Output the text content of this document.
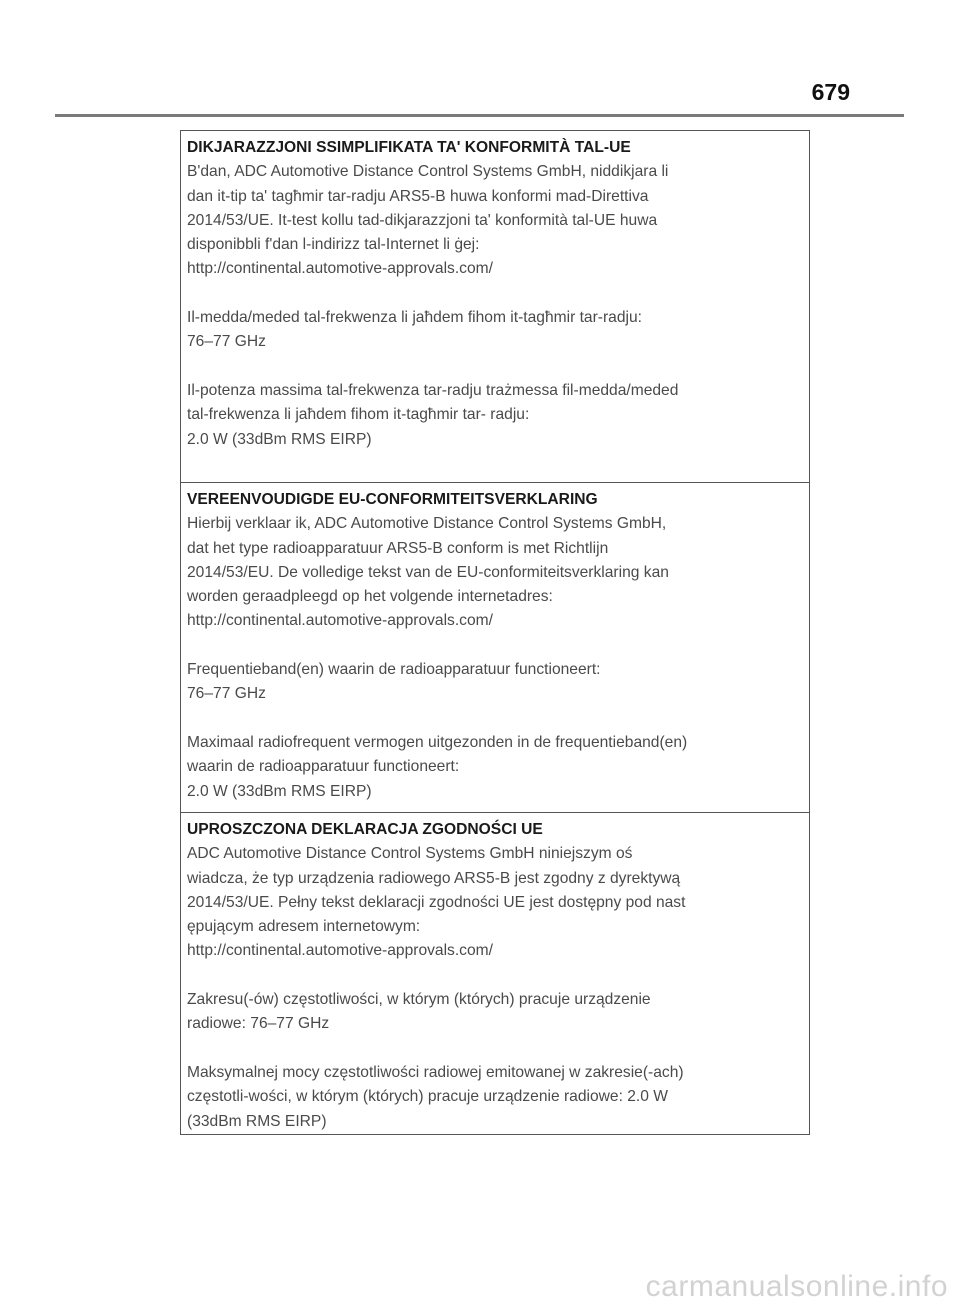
679
DIKJARAZZJONI SSIMPLIFIKATA TA' KONFORMITÀ TAL-UE
B'dan, ADC Automotive Distance Control Systems GmbH, niddikjara li
dan it-tip ta' tagħmir tar-radju ARS5-B huwa konformi mad-Direttiva
2014/53/UE. It-test kollu tad-dikjarazzjoni ta' konformità tal-UE huwa
disponibbli f'dan l-indirizz tal-Internet li ġej:
http://continental.automotive-approvals.com/
Il-medda/meded tal-frekwenza li jaħdem fihom it-tagħmir tar-radju:
76–77 GHz
Il-potenza massima tal-frekwenza tar-radju trażmessa fil-medda/meded
tal-frekwenza li jaħdem fihom it-tagħmir tar- radju:
2.0 W (33dBm RMS EIRP)
VEREENVOUDIGDE EU-CONFORMITEITSVERKLARING
Hierbij verklaar ik, ADC Automotive Distance Control Systems GmbH,
dat het type radioapparatuur ARS5-B conform is met Richtlijn
2014/53/EU. De volledige tekst van de EU-conformiteitsverklaring kan
worden geraadpleegd op het volgende internetadres:
http://continental.automotive-approvals.com/
Frequentieband(en) waarin de radioapparatuur functioneert:
76–77 GHz
Maximaal radiofrequent vermogen uitgezonden in de frequentieband(en)
waarin de radioapparatuur functioneert:
2.0 W (33dBm RMS EIRP)
UPROSZCZONA DEKLARACJA ZGODNOŚCI UE
ADC Automotive Distance Control Systems GmbH niniejszym oś
wiadcza, że typ urządzenia radiowego ARS5-B jest zgodny z dyrektywą
2014/53/UE. Pełny tekst deklaracji zgodności UE jest dostępny pod nast
ępującym adresem internetowym:
http://continental.automotive-approvals.com/
Zakresu(-ów) częstotliwości, w którym (których) pracuje urządzenie
radiowe: 76–77 GHz
Maksymalnej mocy częstotliwości radiowej emitowanej w zakresie(-ach)
częstotli-wości, w którym (których) pracuje urządzenie radiowe: 2.0 W
(33dBm RMS EIRP)
carmanualsonline.info
